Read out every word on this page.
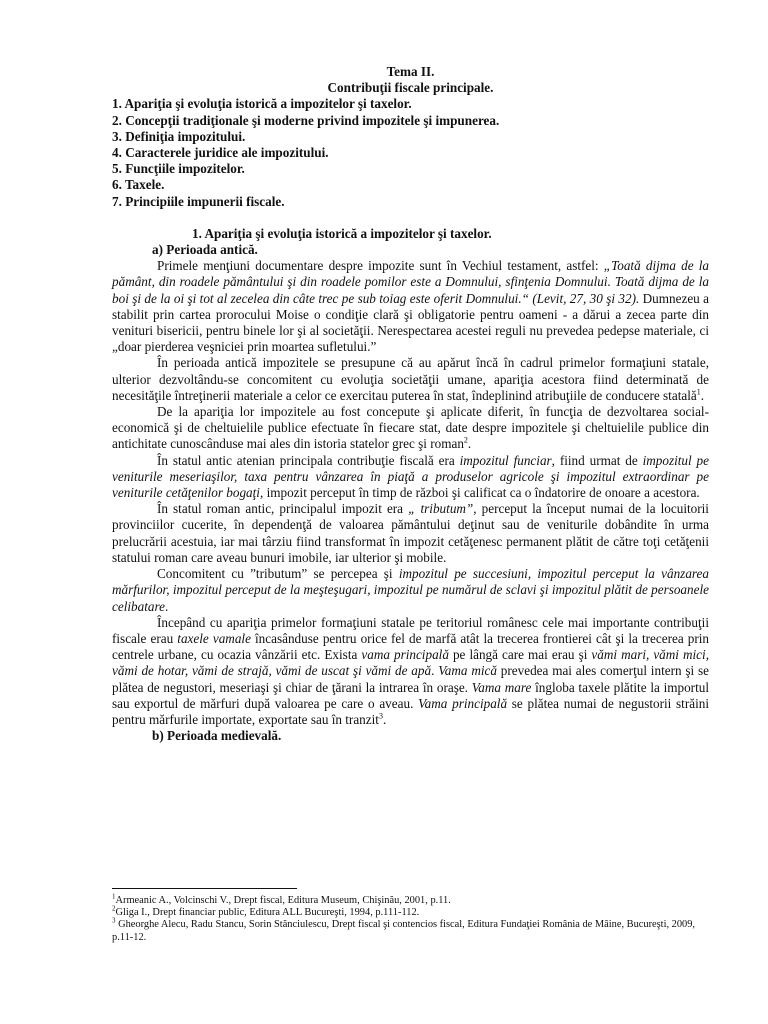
Tema II.
Contribuţii fiscale principale.
1. Apariţia şi evoluţia istorică a impozitelor şi taxelor.
2. Concepţii tradiţionale şi moderne privind impozitele şi impunerea.
3. Definiţia impozitului.
4. Caracterele juridice ale impozitului.
5. Funcţiile impozitelor.
6. Taxele.
7. Principiile impunerii fiscale.
1. Apariţia şi evoluţia istorică a impozitelor şi taxelor.
a) Perioada antică.

Primele menţiuni documentare despre impozite sunt în Vechiul testament, astfel: „Toată dijma de la pământ, din roadele pământului şi din roadele pomilor este a Domnului, sfinţenia Domnului. Toată dijma de la boi şi de la oi şi tot al zecelea din câte trec pe sub toiag este oferit Domnului.“ (Levit, 27, 30 şi 32). Dumnezeu a stabilit prin cartea prorocului Moise o condiţie clară şi obligatorie pentru oameni - a dărui a zecea parte din venituri bisericii, pentru binele lor şi al societăţii. Nerespectarea acestei reguli nu prevedea pedepse materiale, ci „doar pierderea veşniciei prin moartea sufletului.”

În perioada antică impozitele se presupune că au apărut încă în cadrul primelor formaţiuni statale, ulterior dezvoltându-se concomitent cu evoluţia societăţii umane, apariţia acestora fiind determinată de necesităţile întreţinerii materiale a celor ce exercitau puterea în stat, îndeplinind atribuţiile de conducere statală$^1$.

De la apariţia lor impozitele au fost concepute şi aplicate diferit, în funcţia de dezvoltarea social-economică şi de cheltuielile publice efectuate în fiecare stat, date despre impozitele şi cheltuielile publice din antichitate cunoscânduse mai ales din istoria statelor grec şi roman$^2$.

În statul antic atenian principala contribuţie fiscală era impozitul funciar, fiind urmat de impozitul pe veniturile meseriaşilor, taxa pentru vânzarea în piaţă a produselor agricole şi impozitul extraordinar pe veniturile cetăţenilor bogaţi, impozit perceput în timp de război şi calificat ca o îndatorire de onoare a acestora.

În statul roman antic, principalul impozit era „ tributum”, perceput la început numai de la locuitorii provinciilor cucerite, în dependenţă de valoarea pământului deţinut sau de veniturile dobândite în urma prelucrării acestuia, iar mai târziu fiind transformat în impozit cetăţenesc permanent plătit de către toţi cetăţenii statului roman care aveau bunuri imobile, iar ulterior şi mobile.

Concomitent cu ”tributum” se percepea şi impozitul pe succesiuni, impozitul perceput la vânzarea mărfurilor, impozitul perceput de la meşteşugari, impozitul pe numărul de sclavi şi impozitul plătit de persoanele celibatare.

Începând cu apariţia primelor formaţiuni statale pe teritoriul românesc cele mai importante contribuţii fiscale erau taxele vamale încasânduse pentru orice fel de marfă atât la trecerea frontierei cât şi la trecerea prin centrele urbane, cu ocazia vânzării etc. Exista vama principală pe lângă care mai erau şi vămi mari, vămi mici, vămi de hotar, vămi de strajă, vămi de uscat şi vămi de apă. Vama mică prevedea mai ales comerţul intern şi se plătea de negustori, meseriaşi şi chiar de ţărani la intrarea în oraşe. Vama mare îngloba taxele plătite la importul sau exportul de mărfuri după valoarea pe care o aveau. Vama principală se plătea numai de negustorii străini pentru mărfurile importate, exportate sau în tranzit$^3$.

b) Perioada medievală.
$^1$Armeanic A., Volcinschi V., Drept fiscal, Editura Museum, Chişinău, 2001, p.11.
$^2$Gliga I., Drept financiar public, Editura ALL Bucureşti, 1994, p.111-112.
$^3$ Gheorghe Alecu, Radu Stancu, Sorin Stănciulescu, Drept fiscal şi contencios fiscal, Editura Fundaţiei România de Mâine, Bucureşti, 2009, p.11-12.
